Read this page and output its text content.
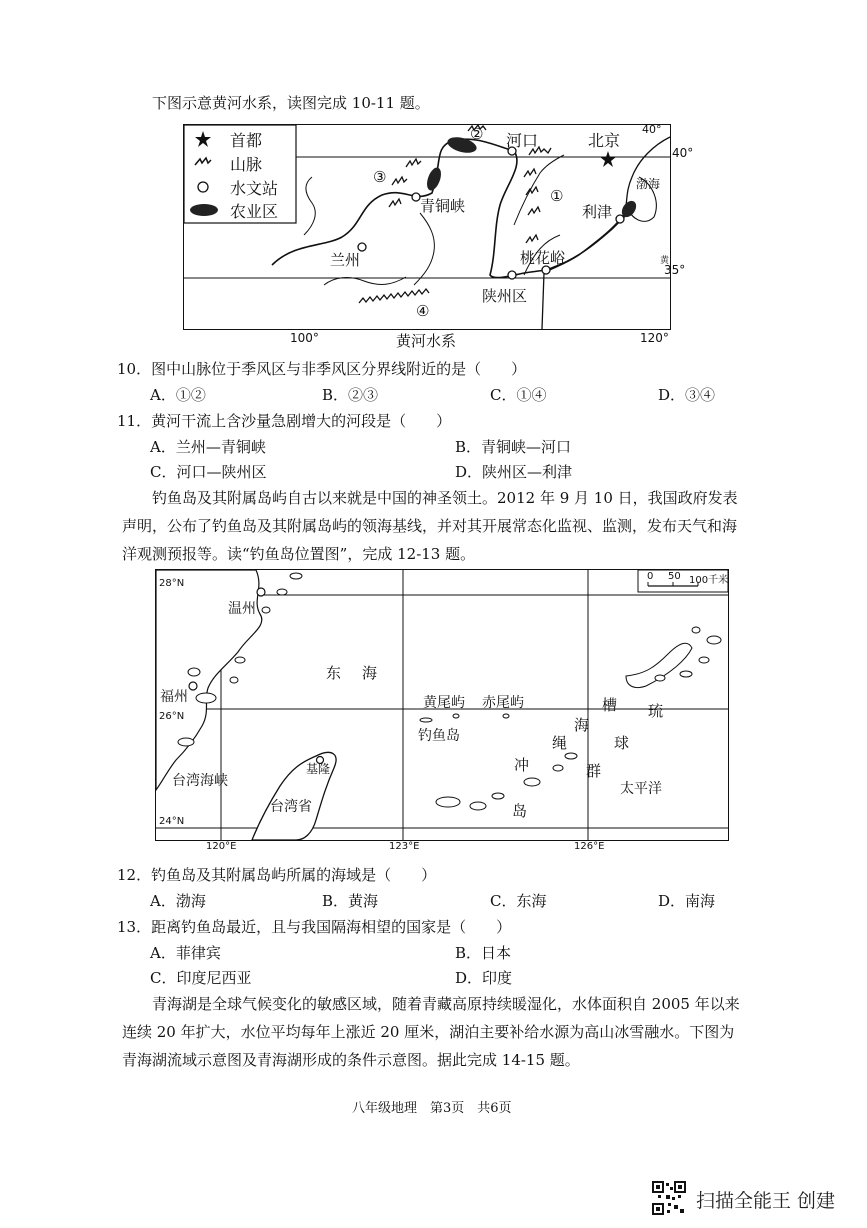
下图示意黄河水系，读图完成 10-11 题。
首都
山脉
水文站
农业区
② 河口	北京
40°
③
①
渤海
青铜峡	利津
兰州	桃花峪	黄
陕州区
④
100°	120°
35°
40°
黄河水系
10．图中山脉位于季风区与非季风区分界线附近的是（　　）
A．①②	B．②③	C．①④	D．③④
11．黄河干流上含沙量急剧增大的河段是（　　）
A．兰州—青铜峡	B．青铜峡—河口
C．河口—陕州区	D．陕州区—利津
钓鱼岛及其附属岛屿自古以来就是中国的神圣领土。2012 年 9 月 10 日，我国政府发表声明，公布了钓鱼岛及其附属岛屿的领海基线，并对其开展常态化监视、监测，发布天气和海洋观测预报等。读“钓鱼岛位置图”，完成 12-13 题。
28°N
26°N
24°N
0 50 100千米
温州
东 海
福州	黄尾屿 赤尾屿	槽 琉
海
钓鱼岛	绳	球
冲	群
基隆
台湾海峡	太平洋
台湾省	岛
120°E	123°E	126°E
12．钓鱼岛及其附属岛屿所属的海域是（　　）
A．渤海	B．黄海	C．东海	D．南海
13．距离钓鱼岛最近，且与我国隔海相望的国家是（　　）
A．菲律宾	B．日本
C．印度尼西亚	D．印度
青海湖是全球气候变化的敏感区域，随着青藏高原持续暖湿化，水体面积自 2005 年以来连续 20 年扩大，水位平均每年上涨近 20 厘米，湖泊主要补给水源为高山冰雪融水。下图为青海湖流域示意图及青海湖形成的条件示意图。据此完成 14-15 题。
八年级地理　第3页　共6页
扫描全能王 创建
